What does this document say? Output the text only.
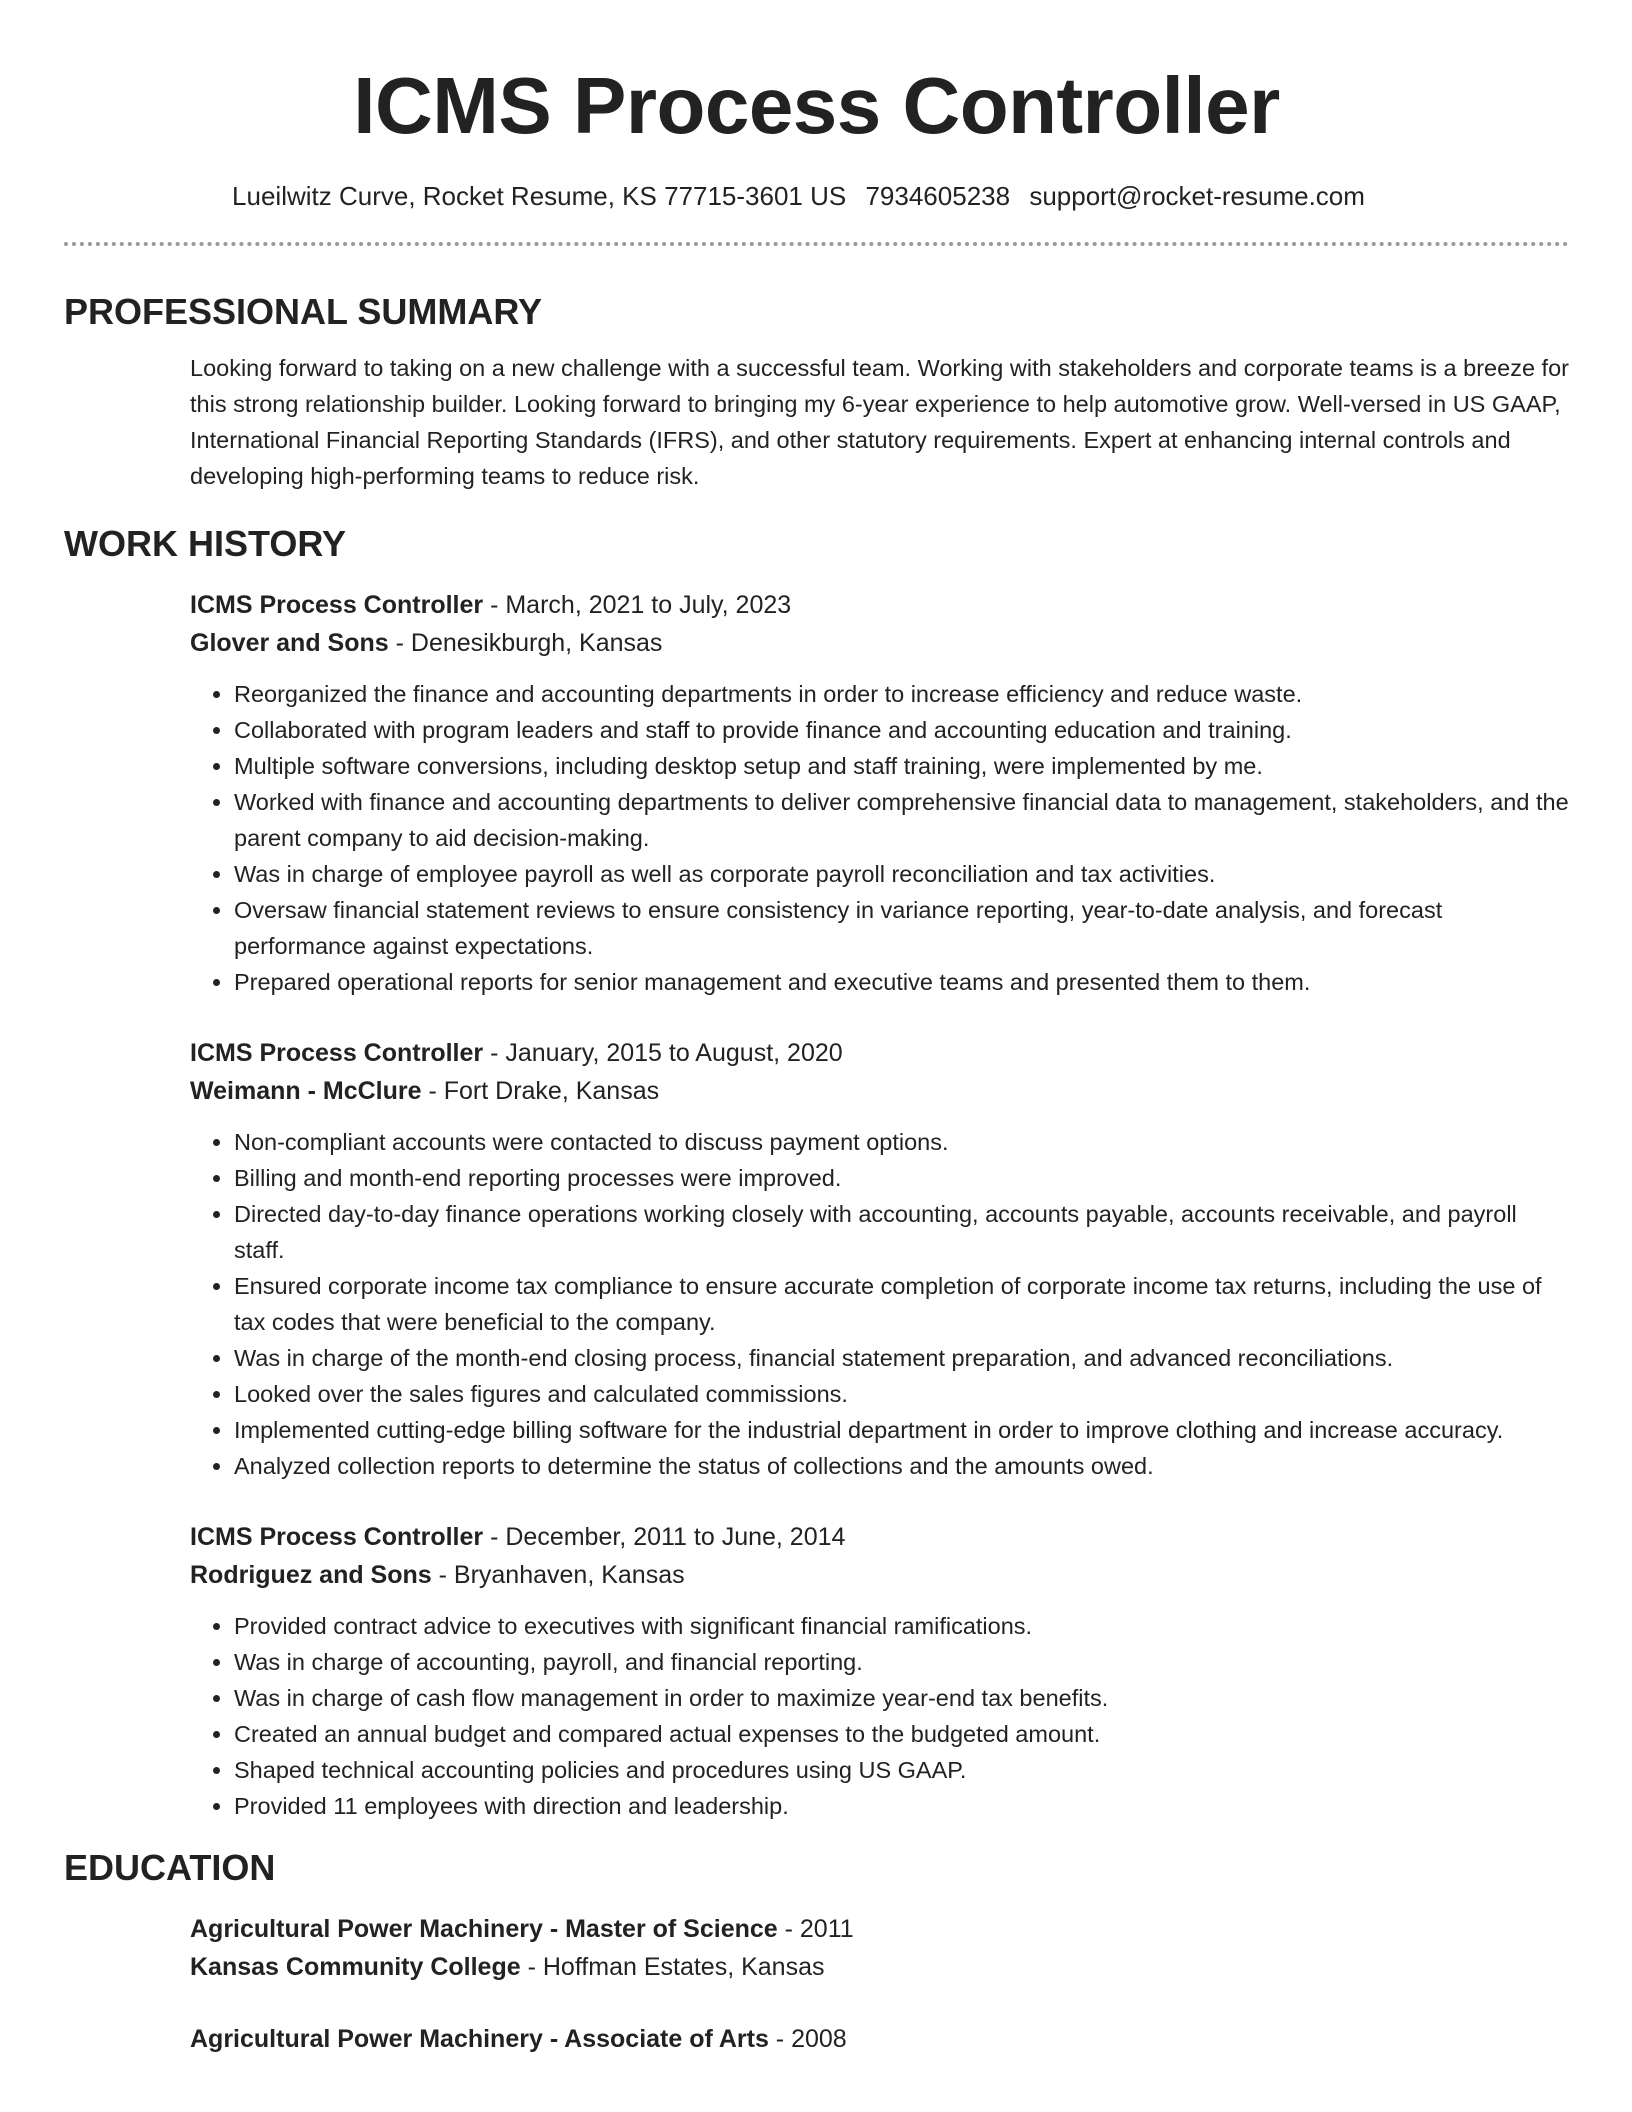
ICMS Process Controller
Lueilwitz Curve, Rocket Resume, KS 77715-3601 US 7934605238 support@rocket-resume.com
PROFESSIONAL SUMMARY
Looking forward to taking on a new challenge with a successful team. Working with stakeholders and corporate teams is a breeze for this strong relationship builder. Looking forward to bringing my 6-year experience to help automotive grow. Well-versed in US GAAP, International Financial Reporting Standards (IFRS), and other statutory requirements. Expert at enhancing internal controls and developing high-performing teams to reduce risk.
WORK HISTORY
ICMS Process Controller - March, 2021 to July, 2023
Glover and Sons - Denesikburgh, Kansas
• Reorganized the finance and accounting departments in order to increase efficiency and reduce waste.
• Collaborated with program leaders and staff to provide finance and accounting education and training.
• Multiple software conversions, including desktop setup and staff training, were implemented by me.
• Worked with finance and accounting departments to deliver comprehensive financial data to management, stakeholders, and the parent company to aid decision-making.
• Was in charge of employee payroll as well as corporate payroll reconciliation and tax activities.
• Oversaw financial statement reviews to ensure consistency in variance reporting, year-to-date analysis, and forecast performance against expectations.
• Prepared operational reports for senior management and executive teams and presented them to them.
ICMS Process Controller - January, 2015 to August, 2020
Weimann - McClure - Fort Drake, Kansas
• Non-compliant accounts were contacted to discuss payment options.
• Billing and month-end reporting processes were improved.
• Directed day-to-day finance operations working closely with accounting, accounts payable, accounts receivable, and payroll staff.
• Ensured corporate income tax compliance to ensure accurate completion of corporate income tax returns, including the use of tax codes that were beneficial to the company.
• Was in charge of the month-end closing process, financial statement preparation, and advanced reconciliations.
• Looked over the sales figures and calculated commissions.
• Implemented cutting-edge billing software for the industrial department in order to improve clothing and increase accuracy.
• Analyzed collection reports to determine the status of collections and the amounts owed.
ICMS Process Controller - December, 2011 to June, 2014
Rodriguez and Sons - Bryanhaven, Kansas
• Provided contract advice to executives with significant financial ramifications.
• Was in charge of accounting, payroll, and financial reporting.
• Was in charge of cash flow management in order to maximize year-end tax benefits.
• Created an annual budget and compared actual expenses to the budgeted amount.
• Shaped technical accounting policies and procedures using US GAAP.
• Provided 11 employees with direction and leadership.
EDUCATION
Agricultural Power Machinery - Master of Science - 2011
Kansas Community College - Hoffman Estates, Kansas
Agricultural Power Machinery - Associate of Arts - 2008
